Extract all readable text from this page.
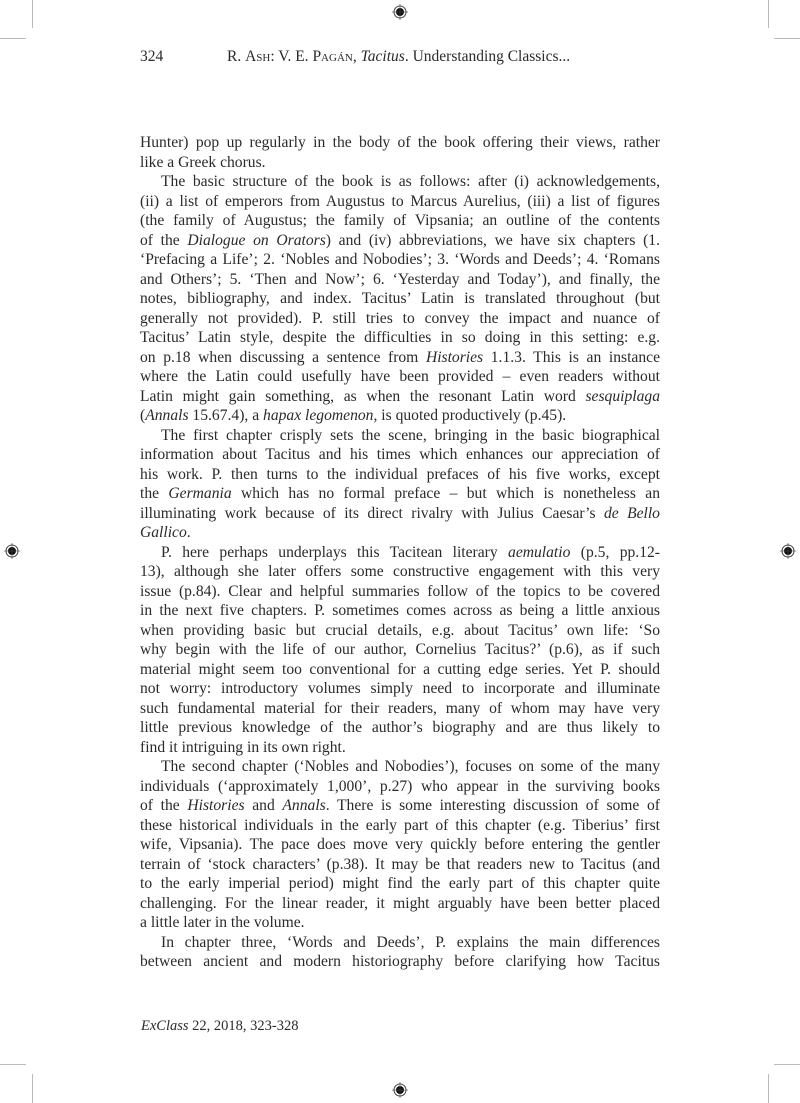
324	R. Ash: V. E. Pagán, Tacitus. Understanding Classics...
Hunter) pop up regularly in the body of the book offering their views, rather
like a Greek chorus.
The basic structure of the book is as follows: after (i) acknowledgements,
(ii) a list of emperors from Augustus to Marcus Aurelius, (iii) a list of figures
(the family of Augustus; the family of Vipsania; an outline of the contents
of the Dialogue on Orators) and (iv) abbreviations, we have six chapters (1.
‘Prefacing a Life’; 2. ‘Nobles and Nobodies’; 3. ‘Words and Deeds’; 4. ‘Romans
and Others’; 5. ‘Then and Now’; 6. ‘Yesterday and Today’), and finally, the
notes, bibliography, and index. Tacitus’ Latin is translated throughout (but
generally not provided). P. still tries to convey the impact and nuance of
Tacitus’ Latin style, despite the difficulties in so doing in this setting: e.g.
on p.18 when discussing a sentence from Histories 1.1.3. This is an instance
where the Latin could usefully have been provided – even readers without
Latin might gain something, as when the resonant Latin word sesquiplaga
(Annals 15.67.4), a hapax legomenon, is quoted productively (p.45).
The first chapter crisply sets the scene, bringing in the basic biographical
information about Tacitus and his times which enhances our appreciation of
his work. P. then turns to the individual prefaces of his five works, except
the Germania which has no formal preface – but which is nonetheless an
illuminating work because of its direct rivalry with Julius Caesar’s de Bello
Gallico.
P. here perhaps underplays this Tacitean literary aemulatio (p.5, pp.12-
13), although she later offers some constructive engagement with this very
issue (p.84). Clear and helpful summaries follow of the topics to be covered
in the next five chapters. P. sometimes comes across as being a little anxious
when providing basic but crucial details, e.g. about Tacitus’ own life: ‘So
why begin with the life of our author, Cornelius Tacitus?’ (p.6), as if such
material might seem too conventional for a cutting edge series. Yet P. should
not worry: introductory volumes simply need to incorporate and illuminate
such fundamental material for their readers, many of whom may have very
little previous knowledge of the author’s biography and are thus likely to
find it intriguing in its own right.
The second chapter (‘Nobles and Nobodies’), focuses on some of the many
individuals (‘approximately 1,000’, p.27) who appear in the surviving books
of the Histories and Annals. There is some interesting discussion of some of
these historical individuals in the early part of this chapter (e.g. Tiberius’ first
wife, Vipsania). The pace does move very quickly before entering the gentler
terrain of ‘stock characters’ (p.38). It may be that readers new to Tacitus (and
to the early imperial period) might find the early part of this chapter quite
challenging. For the linear reader, it might arguably have been better placed
a little later in the volume.
In chapter three, ‘Words and Deeds’, P. explains the main differences
between ancient and modern historiography before clarifying how Tacitus
ExClass 22, 2018, 323-328
